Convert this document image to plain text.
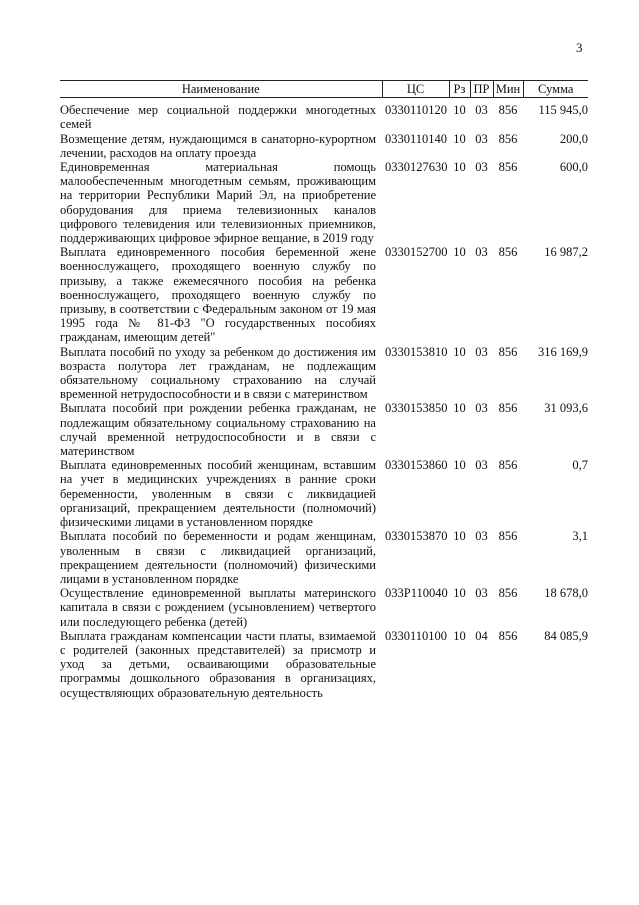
3
Наименование	ЦС	Рз	ПР	Мин	Сумма
Обеспечение мер социальной поддержки многодетных семей	0330110120	10	03	856	115 945,0
Возмещение детям, нуждающимся в санаторно-курортном лечении, расходов на оплату проезда	0330110140	10	03	856	200,0
Единовременная материальная помощь малообеспеченным многодетным семьям, проживающим на территории Республики Марий Эл, на приобретение оборудования для приема телевизионных каналов цифрового телевидения или телевизионных приемников, поддерживающих цифровое эфирное вещание, в 2019 году	0330127630	10	03	856	600,0
Выплата единовременного пособия беременной жене военнослужащего, проходящего военную службу по призыву, а также ежемесячного пособия на ребенка военнослужащего, проходящего военную службу по призыву, в соответствии с Федеральным законом от 19 мая 1995 года № 81-ФЗ "О государственных пособиях гражданам, имеющим детей"	0330152700	10	03	856	16 987,2
Выплата пособий по уходу за ребенком до достижения им возраста полутора лет гражданам, не подлежащим обязательному социальному страхованию на случай временной нетрудоспособности и в связи с материнством	0330153810	10	03	856	316 169,9
Выплата пособий при рождении ребенка гражданам, не подлежащим обязательному социальному страхованию на случай временной нетрудоспособности и в связи с материнством	0330153850	10	03	856	31 093,6
Выплата единовременных пособий женщинам, вставшим на учет в медицинских учреждениях в ранние сроки беременности, уволенным в связи с ликвидацией организаций, прекращением деятельности (полномочий) физическими лицами в установленном порядке	0330153860	10	03	856	0,7
Выплата пособий по беременности и родам женщинам, уволенным в связи с ликвидацией организаций, прекращением деятельности (полномочий) физическими лицами в установленном порядке	0330153870	10	03	856	3,1
Осуществление единовременной выплаты материнского капитала в связи с рождением (усыновлением) четвертого или последующего ребенка (детей)	033P110040	10	03	856	18 678,0
Выплата гражданам компенсации части платы, взимаемой с родителей (законных представителей) за присмотр и уход за детьми, осваивающими образовательные программы дошкольного образования в организациях, осуществляющих образовательную деятельность	0330110100	10	04	856	84 085,9
